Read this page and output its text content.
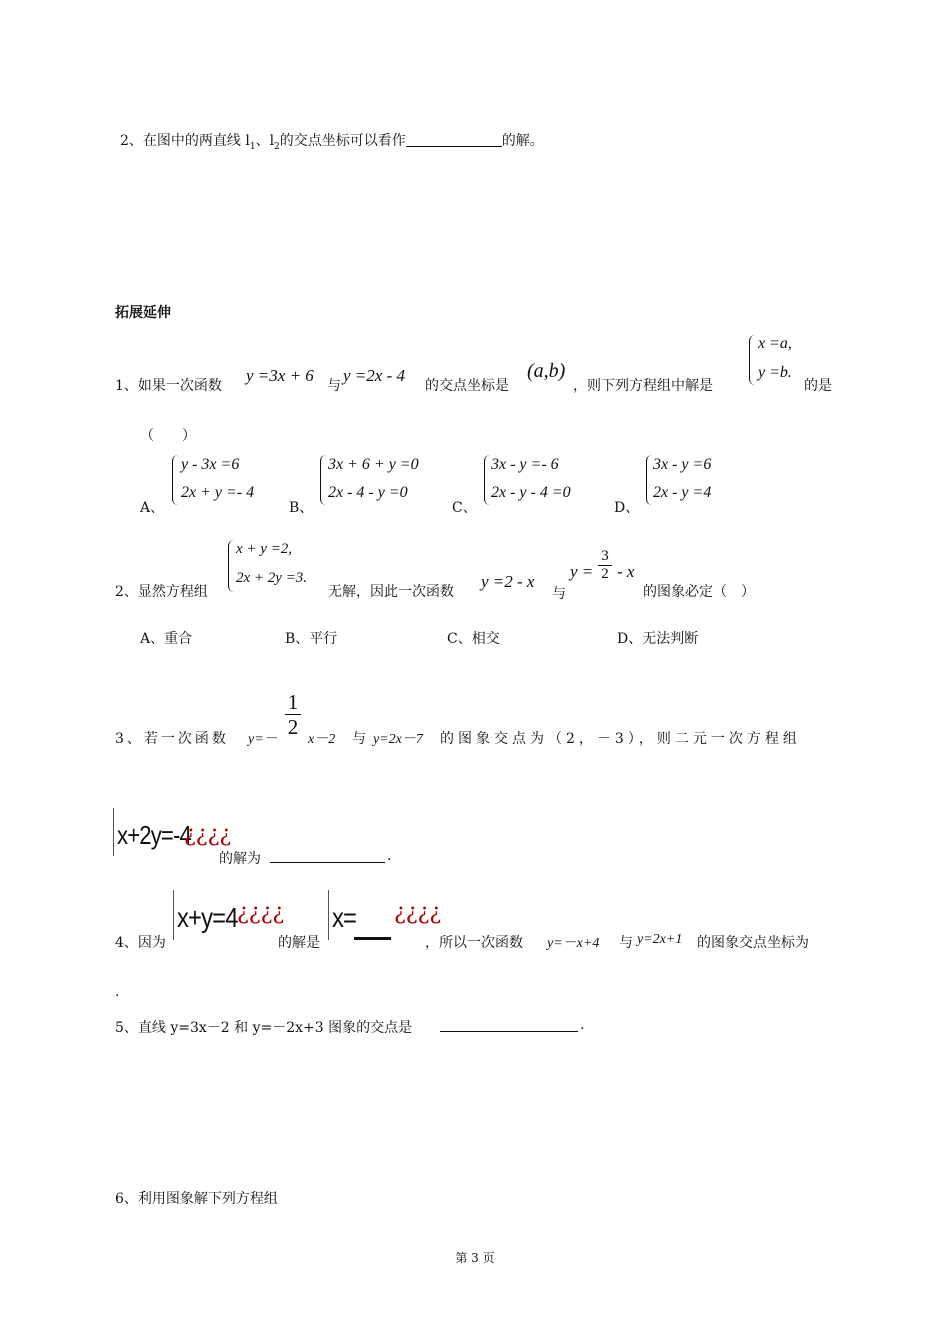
2、在图中的两直线 $l_1$、$l_2$的交点坐标可以看作	的解。
拓展延伸
1、如果一次函数
y =3x + 6
与
y =2x - 4
的交点坐标是
(a,b)
，则下列方程组中解是
x =a,
y =b.
的是
（　　）
A、
y - 3x =6
2x + y =- 4
B、
3x + 6 + y =0
2x - 4 - y =0
C、
3x - y =- 6
2x - y - 4 =0
D、
3x - y =6
2x - y =4
2、显然方程组
x + y =2,
2x + 2y =3.
无解，因此一次函数
y =2 - x
与
y =
3
2 - x
的图象必定（　）
A、重合	B、平行	C、相交	D、无法判断
3、若一次函数 y=－
1
2
x－2 与 y=2x－7 的图象交点为（2，－3），则二元一次方程组
x+2y=-4
¿¿¿¿
的解为	.
4、因为
x+y=4 ¿¿¿¿
的解是
x= ¿¿¿¿
，所以一次函数 y=－x+4 与 y=2x+1 的图象交点坐标为
.
5、直线 y=3x－2 和 y=－2x+3 图象的交点是	.
6、利用图象解下列方程组
第 3 页
